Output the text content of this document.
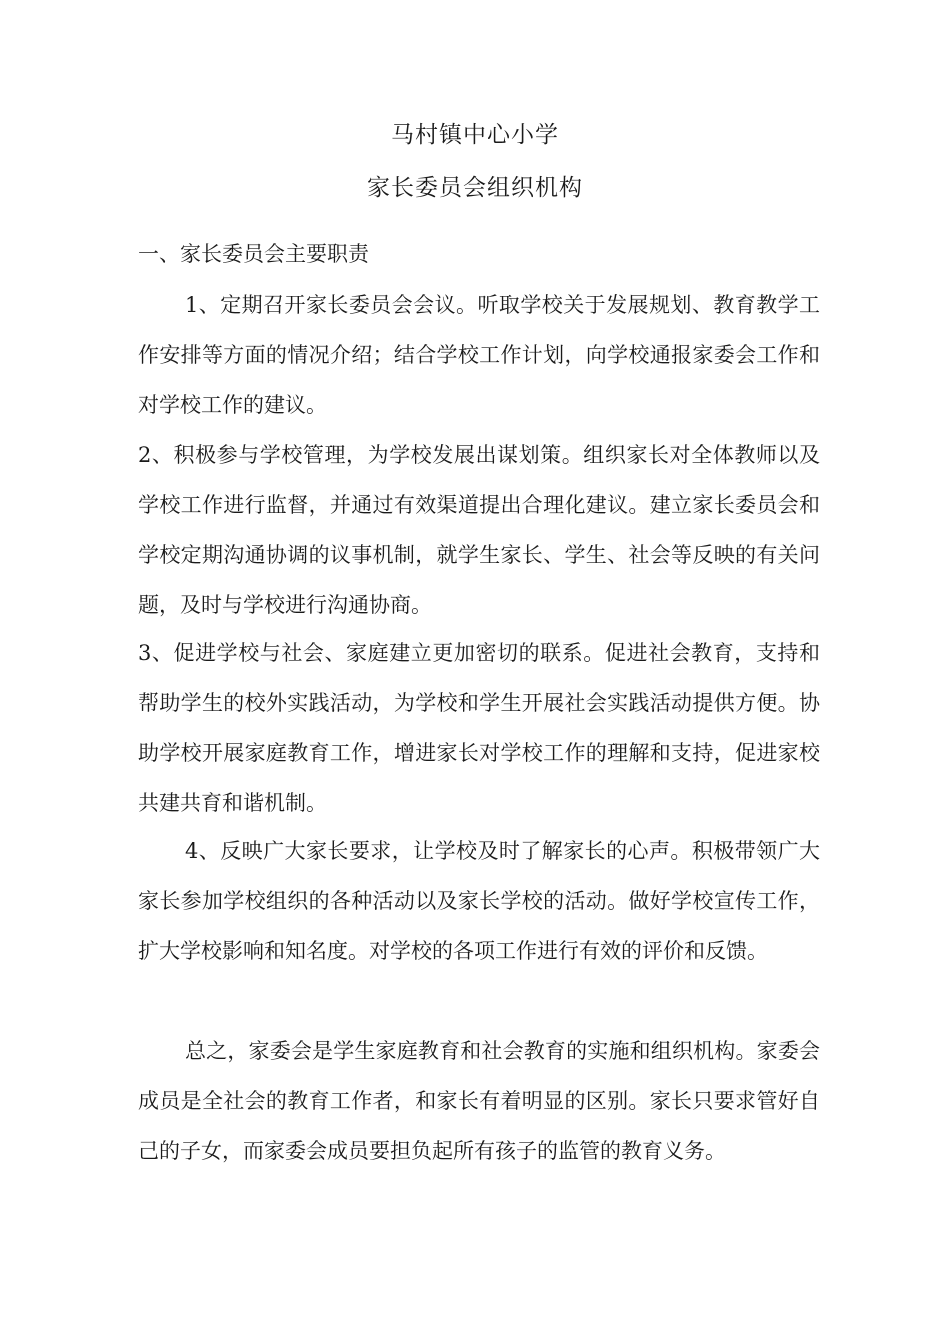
马村镇中心小学
家长委员会组织机构
一、家长委员会主要职责

1、定期召开家长委员会会议。听取学校关于发展规划、教育教学工作安排等方面的情况介绍；结合学校工作计划，向学校通报家委会工作和对学校工作的建议。

2、积极参与学校管理，为学校发展出谋划策。组织家长对全体教师以及学校工作进行监督，并通过有效渠道提出合理化建议。建立家长委员会和学校定期沟通协调的议事机制，就学生家长、学生、社会等反映的有关问题，及时与学校进行沟通协商。

3、促进学校与社会、家庭建立更加密切的联系。促进社会教育，支持和帮助学生的校外实践活动，为学校和学生开展社会实践活动提供方便。协助学校开展家庭教育工作，增进家长对学校工作的理解和支持，促进家校共建共育和谐机制。

4、反映广大家长要求，让学校及时了解家长的心声。积极带领广大家长参加学校组织的各种活动以及家长学校的活动。做好学校宣传工作，扩大学校影响和知名度。对学校的各项工作进行有效的评价和反馈。

总之，家委会是学生家庭教育和社会教育的实施和组织机构。家委会成员是全社会的教育工作者，和家长有着明显的区别。家长只要求管好自己的子女，而家委会成员要担负起所有孩子的监管的教育义务。
